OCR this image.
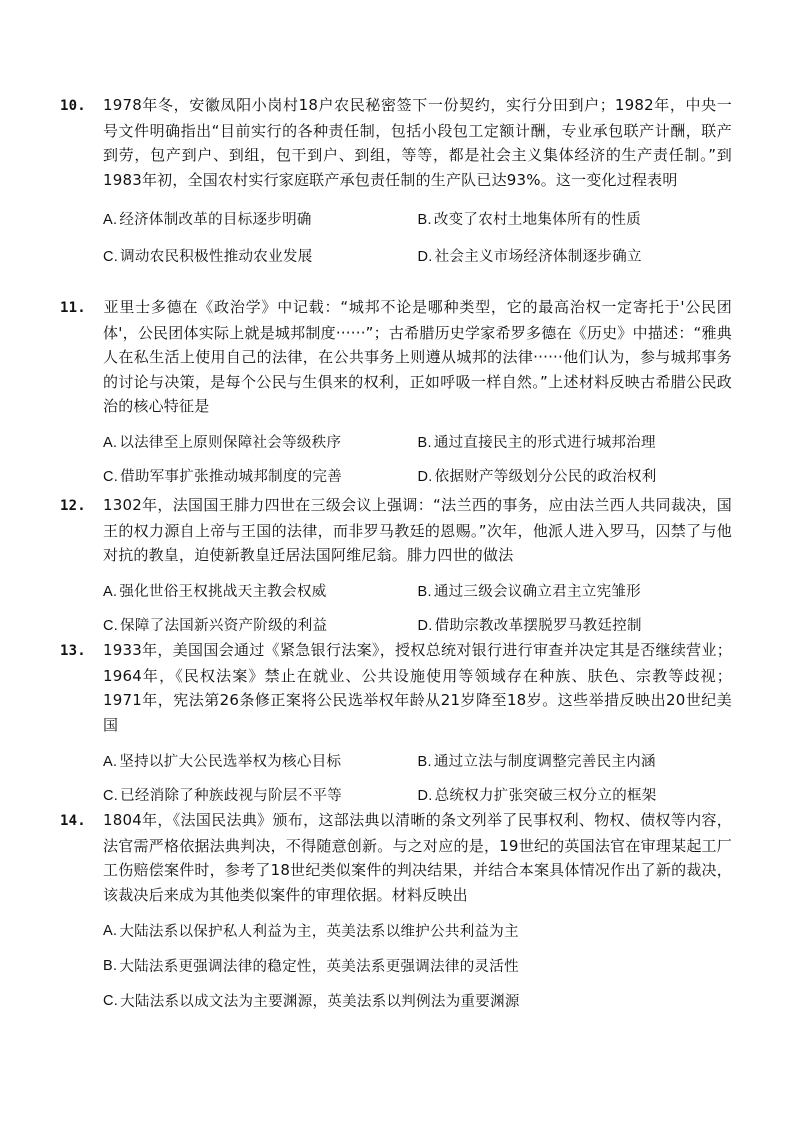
10. 1978年冬，安徽凤阳小岗村18户农民秘密签下一份契约，实行分田到户；1982年，中央一号文件明确指出“目前实行的各种责任制，包括小段包工定额计酬，专业承包联产计酬，联产到劳，包产到户、到组，包干到户、到组，等等，都是社会主义集体经济的生产责任制。”到1983年初，全国农村实行家庭联产承包责任制的生产队已达93%。这一变化过程表明
A. 经济体制改革的目标逐步明确	B. 改变了农村土地集体所有的性质
C. 调动农民积极性推动农业发展	D. 社会主义市场经济体制逐步确立
11. 亚里士多德在《政治学》中记载：“城邦不论是哪种类型，它的最高治权一定寄托于'公民团体'，公民团体实际上就是城邦制度······”；古希腊历史学家希罗多德在《历史》中描述：“雅典人在私生活上使用自己的法律，在公共事务上则遵从城邦的法律······他们认为，参与城邦事务的讨论与决策，是每个公民与生俱来的权利，正如呼吸一样自然。”上述材料反映古希腊公民政治的核心特征是
A. 以法律至上原则保障社会等级秩序	B. 通过直接民主的形式进行城邦治理
C. 借助军事扩张推动城邦制度的完善	D. 依据财产等级划分公民的政治权利
12. 1302年，法国国王腓力四世在三级会议上强调：“法兰西的事务，应由法兰西人共同裁决，国王的权力源自上帝与王国的法律，而非罗马教廷的恩赐。”次年，他派人进入罗马，囚禁了与他对抗的教皇，迫使新教皇迁居法国阿维尼翁。腓力四世的做法
A. 强化世俗王权挑战天主教会权威	B. 通过三级会议确立君主立宪雏形
C. 保障了法国新兴资产阶级的利益	D. 借助宗教改革摆脱罗马教廷控制
13. 1933年，美国国会通过《紧急银行法案》，授权总统对银行进行审查并决定其是否继续营业；1964年，《民权法案》禁止在就业、公共设施使用等领域存在种族、肤色、宗教等歧视；1971年，宪法第26条修正案将公民选举权年龄从21岁降至18岁。这些举措反映出20世纪美国
A. 坚持以扩大公民选举权为核心目标	B. 通过立法与制度调整完善民主内涵
C. 已经消除了种族歧视与阶层不平等	D. 总统权力扩张突破三权分立的框架
14. 1804年，《法国民法典》颁布，这部法典以清晰的条文列举了民事权利、物权、债权等内容，法官需严格依据法典判决，不得随意创新。与之对应的是，19世纪的英国法官在审理某起工厂工伤赔偿案件时，参考了18世纪类似案件的判决结果，并结合本案具体情况作出了新的裁决，该裁决后来成为其他类似案件的审理依据。材料反映出
A. 大陆法系以保护私人利益为主，英美法系以维护公共利益为主
B. 大陆法系更强调法律的稳定性，英美法系更强调法律的灵活性
C. 大陆法系以成文法为主要渊源，英美法系以判例法为重要渊源
